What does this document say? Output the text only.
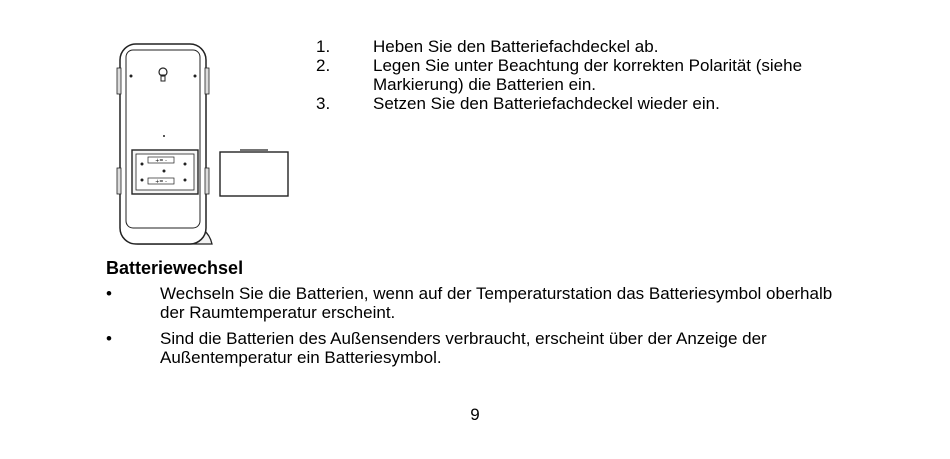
+= -
+= -
1.	Heben Sie den Batteriefachdeckel ab.
2.	Legen Sie unter Beachtung der korrekten Polarität (siehe Markierung) die Batterien ein.
3.	Setzen Sie den Batteriefachdeckel wieder ein.
Batteriewechsel
•	Wechseln Sie die Batterien, wenn auf der Temperaturstation das Batteriesymbol oberhalb der Raumtemperatur erscheint.
•	Sind die Batterien des Außensenders verbraucht, erscheint über der Anzeige der Außentemperatur ein Batteriesymbol.
9
